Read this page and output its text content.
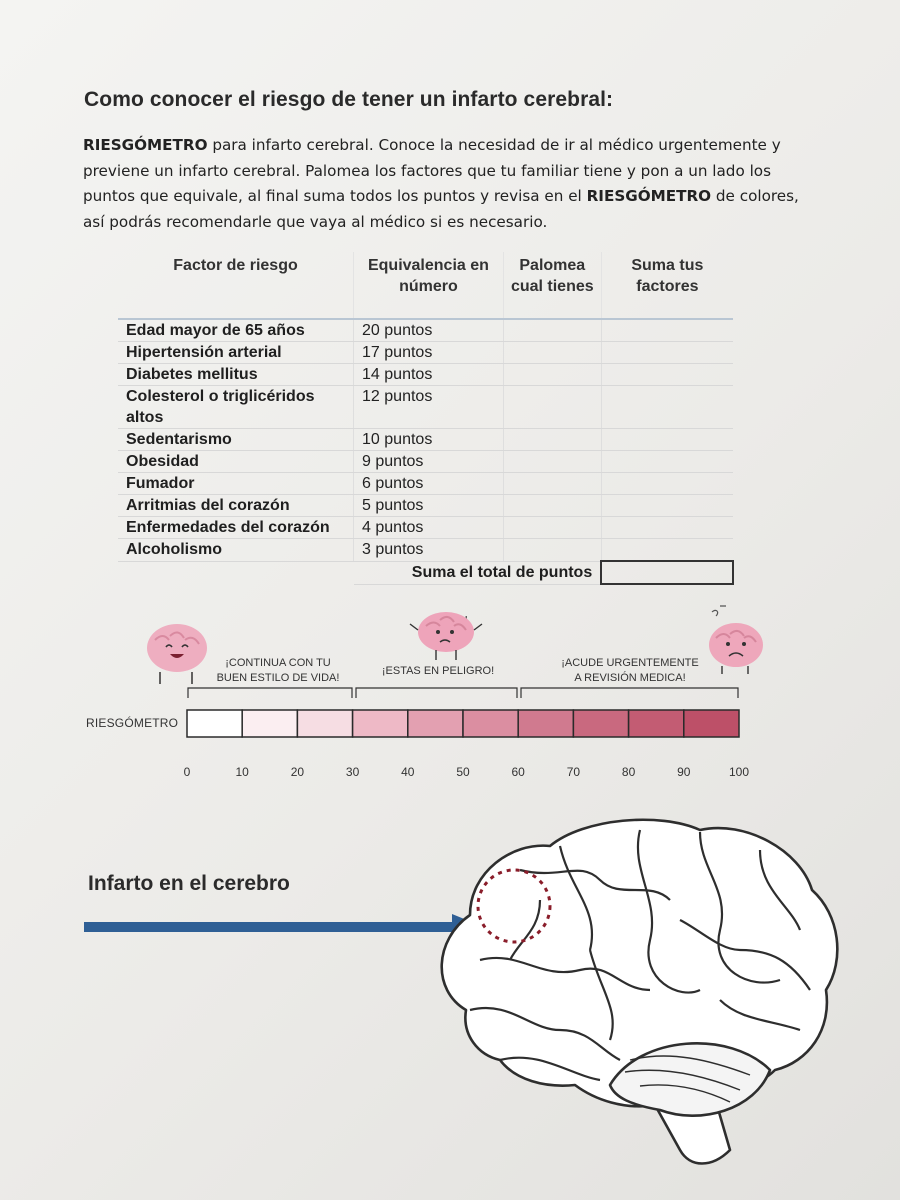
Como conocer el riesgo de tener un infarto cerebral:
RIESGÓMETRO para infarto cerebral. Conoce la necesidad de ir al médico urgentemente y previene un infarto cerebral. Palomea los factores que tu familiar tiene y pon a un lado los puntos que equivale, al final suma todos los puntos y revisa en el RIESGÓMETRO de colores, así podrás recomendarle que vaya al médico si es necesario.
Factor de riesgo	Equivalencia en número	Palomea cual tienes	Suma tus factores
Edad mayor de 65 años	20 puntos		
Hipertensión arterial	17 puntos		
Diabetes mellitus	14 puntos		
Colesterol o triglicéridos altos	12 puntos		
Sedentarismo	10 puntos		
Obesidad	9 puntos		
Fumador	6 puntos		
Arritmias del corazón	5 puntos		
Enfermedades del corazón	4 puntos		
Alcoholismo	3 puntos		
	Suma el total de puntos		
RIESGÓMETRO
¡CONTINUA CON TU
BUEN ESTILO DE VIDA!
¡ESTAS EN PELIGRO!
¡ACUDE URGENTEMENTE
A REVISIÓN MEDICA!
0	10	20	30	40	50	60	70	80	90	100
Infarto en el cerebro
